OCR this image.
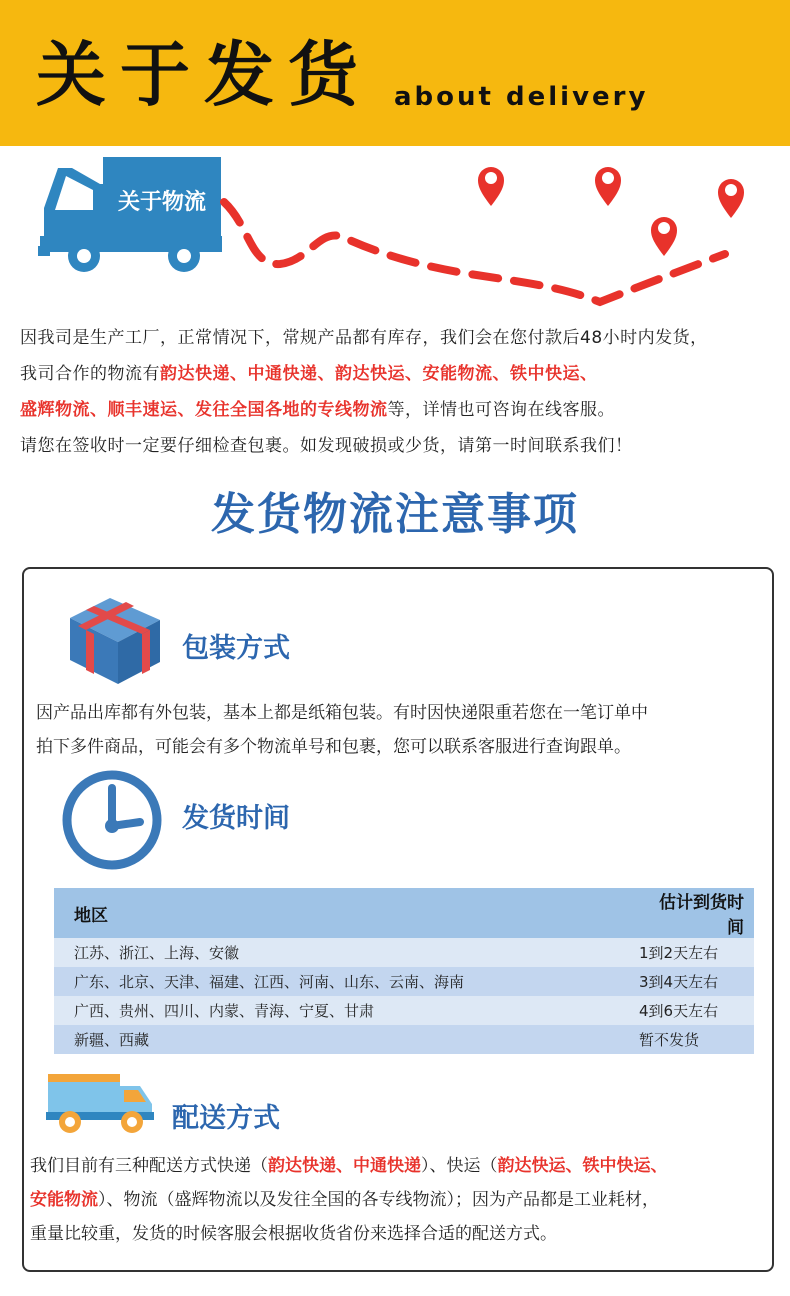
关于发货 about delivery
关于物流
因我司是生产工厂，正常情况下，常规产品都有库存，我们会在您付款后48小时内发货，
我司合作的物流有韵达快递、中通快递、韵达快运、安能物流、铁中快运、
盛辉物流、顺丰速运、发往全国各地的专线物流等，详情也可咨询在线客服。
请您在签收时一定要仔细检查包裹。如发现破损或少货，请第一时间联系我们！
发货物流注意事项
包装方式
因产品出库都有外包装，基本上都是纸箱包装。有时因快递限重若您在一笔订单中
拍下多件商品，可能会有多个物流单号和包裹，您可以联系客服进行查询跟单。
发货时间
地区	估计到货时间
江苏、浙江、上海、安徽	1到2天左右
广东、北京、天津、福建、江西、河南、山东、云南、海南	3到4天左右
广西、贵州、四川、内蒙、青海、宁夏、甘肃	4到6天左右
新疆、西藏	暂不发货
配送方式
我们目前有三种配送方式快递（韵达快递、中通快递）、快运（韵达快运、铁中快运、
安能物流）、物流（盛辉物流以及发往全国的各专线物流）；因为产品都是工业耗材，
重量比较重，发货的时候客服会根据收货省份来选择合适的配送方式。
